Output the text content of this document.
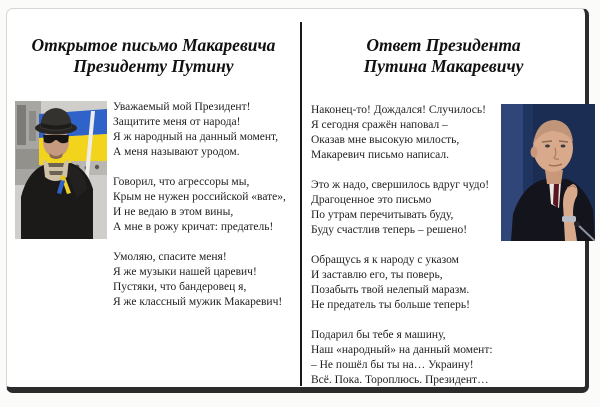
Открытое письмо Макаревича
Президенту Путину
Уважаемый мой Президент!
Защитите меня от народа!
Я ж народный на данный момент,
А меня называют уродом.
Говорил, что агрессоры мы,
Крым не нужен российской «вате»,
И не ведаю в этом вины,
А мне в рожу кричат: предатель!
Умоляю, спасите меня!
Я же музыки нашей царевич!
Пустяки, что бандеровец я,
Я же классный мужик Макаревич!
Ответ Президента
Путина Макаревичу
Наконец-то! Дождался! Случилось!
Я сегодня сражён наповал –
Оказав мне высокую милость,
Макаревич письмо написал.
Это ж надо, свершилось вдруг чудо!
Драгоценное это письмо
По утрам перечитывать буду,
Буду счастлив теперь – решено!
Обращусь я к народу с указом
И заставлю его, ты поверь,
Позабыть твой нелепый маразм.
Не предатель ты больше теперь!
Подарил бы тебе я машину,
Наш «народный» на данный момент:
– Не пошёл бы ты на… Украину!
Всё. Пока. Тороплюсь. Президент…
